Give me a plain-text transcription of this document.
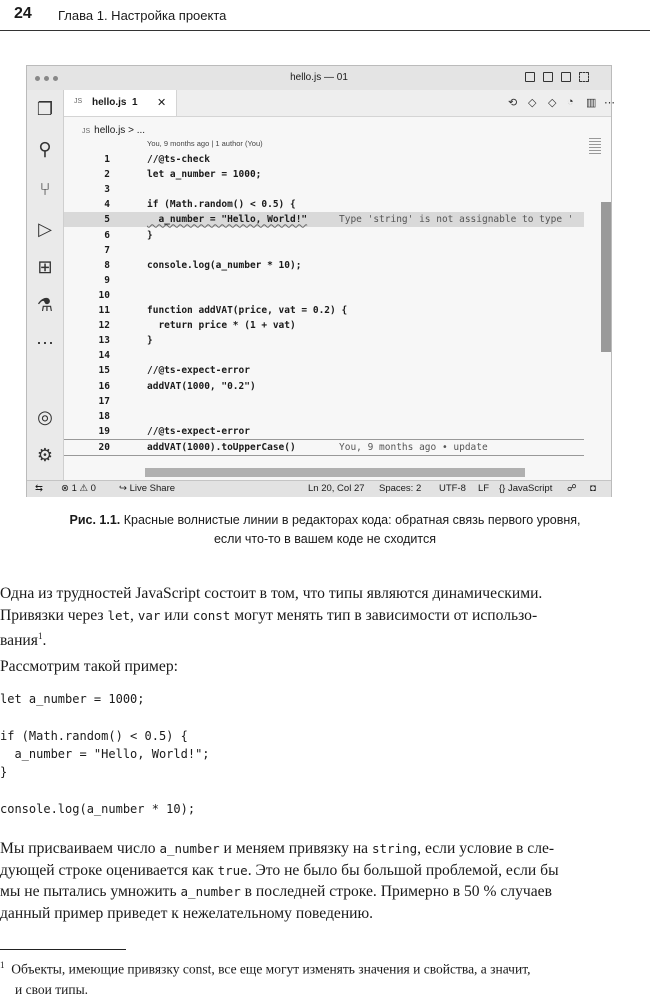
24 Глава 1. Настройка проекта
hello.js — 01
❐
⚲
⑂
▷
⊞
⚗
⋯
◎
⚙
JS hello.js 1 ✕	⟲ ◇ ◇ ◔ ▥ ⋯
JS hello.js > ...
You, 9 months ago | 1 author (You)
1	//@ts-check
2	let a_number = 1000;
3
4	if (Math.random() < 0.5) {
5	a_number = "Hello, World!"	Type 'string' is not assignable to type '
6	}
7
8	console.log(a_number * 10);
9
10
11	function addVAT(price, vat = 0.2) {
12	return price * (1 + vat)
13	}
14
15	//@ts-expect-error
16	addVAT(1000, "0.2")
17
18
19	//@ts-expect-error
20	addVAT(1000).toUpperCase()	You, 9 months ago • update
⇆ ⊗ 1 ⚠ 0 ↪ Live Share	Ln 20, Col 27 Spaces: 2 UTF-8 LF {} JavaScript ☍ ◘
Рис. 1.1. Красные волнистые линии в редакторах кода: обратная связь первого уровня,
если что-то в вашем коде не сходится
Одна из трудностей JavaScript состоит в том, что типы являются динамическими.
Привязки через let, var или const могут менять тип в зависимости от использо-
вания$^1$.
Рассмотрим такой пример:
let a_number = 1000;
if (Math.random() < 0.5) {
a_number = "Hello, World!";
}
console.log(a_number * 10);
Мы присваиваем число a_number и меняем привязку на string, если условие в сле-
дующей строке оценивается как true. Это не было бы большой проблемой, если бы
мы не пытались умножить a_number в последней строке. Примерно в 50 % случаев
данный пример приведет к нежелательному поведению.
$^1$ Объекты, имеющие привязку const, все еще могут изменять значения и свойства, а значит,
и свои типы.
